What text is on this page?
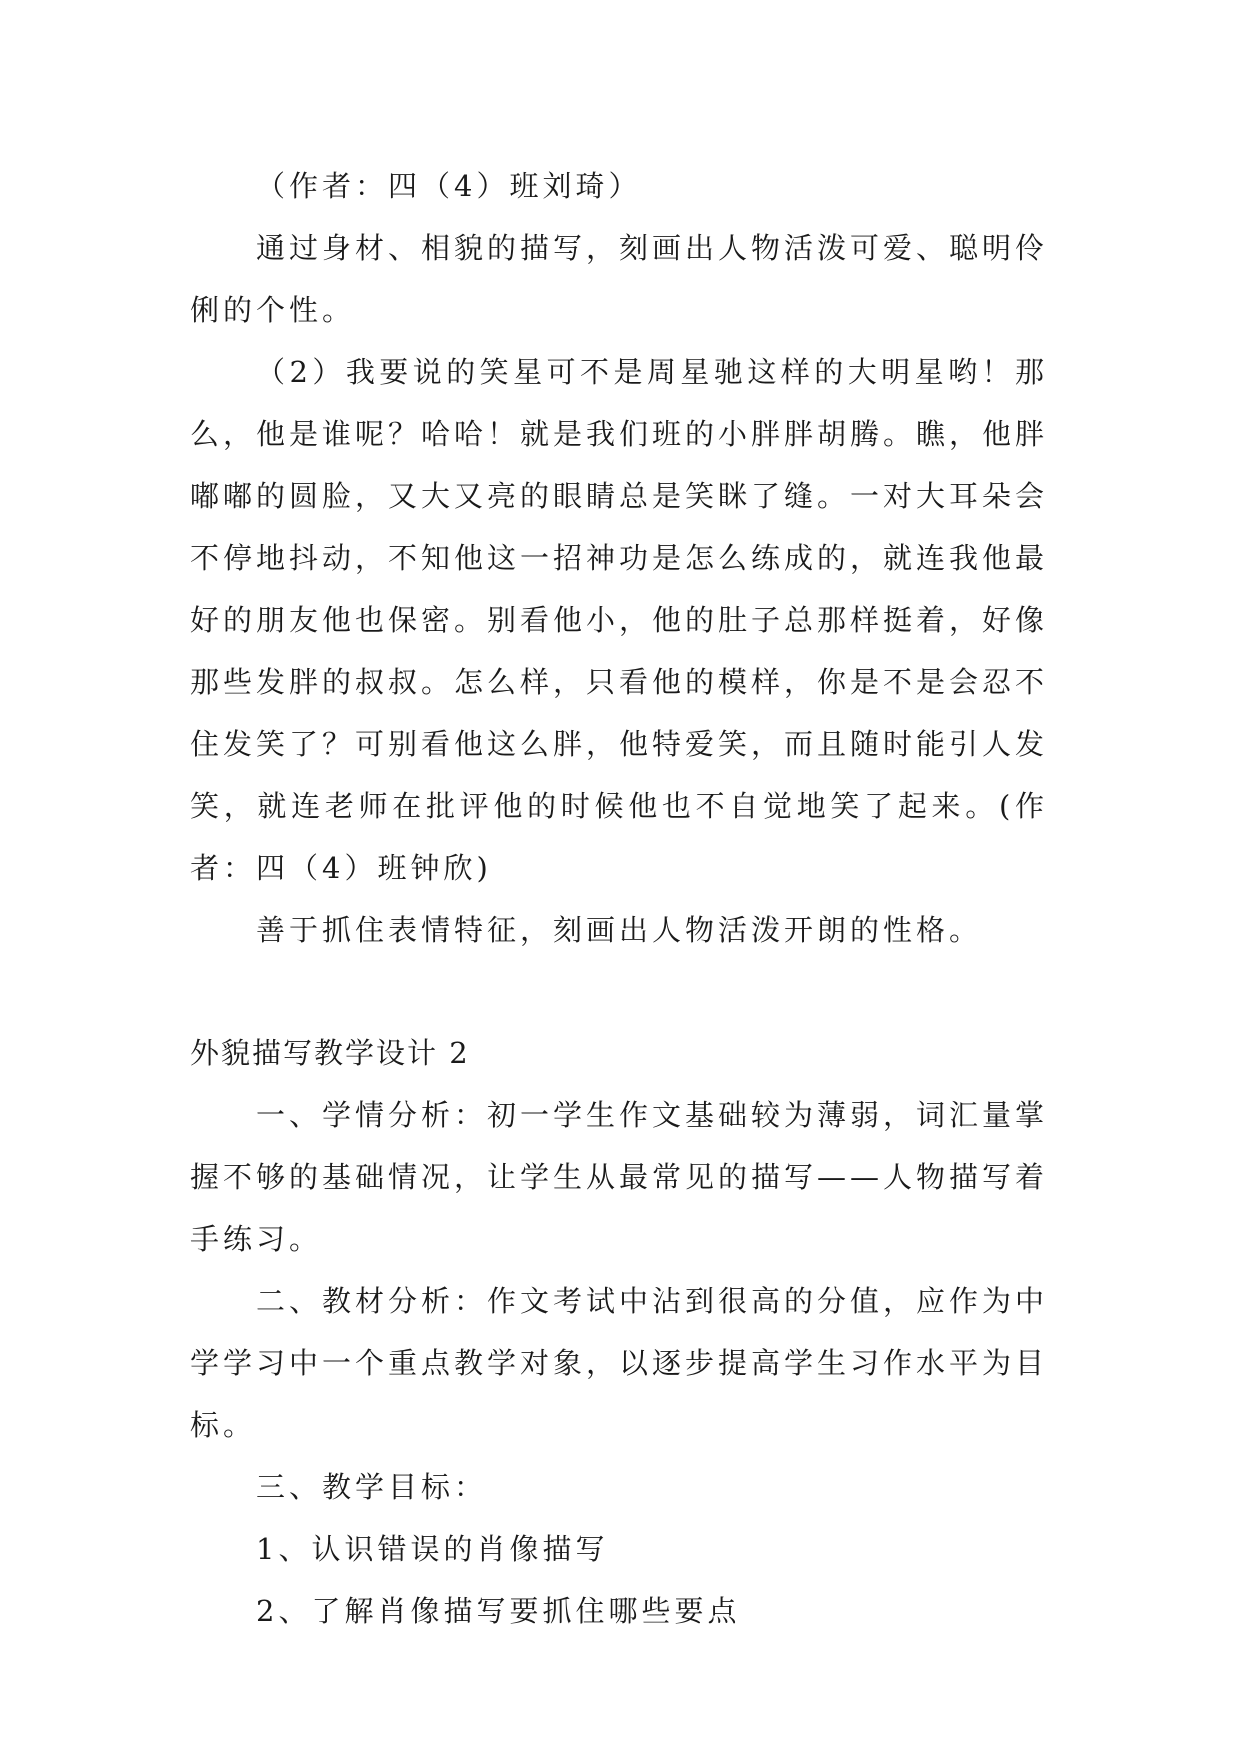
（作者：四（4）班刘琦）

通过身材、相貌的描写，刻画出人物活泼可爱、聪明伶俐的个性。

（2）我要说的笑星可不是周星驰这样的大明星哟！那么，他是谁呢？哈哈！就是我们班的小胖胖胡腾。瞧，他胖嘟嘟的圆脸，又大又亮的眼睛总是笑眯了缝。一对大耳朵会不停地抖动，不知他这一招神功是怎么练成的，就连我他最好的朋友他也保密。别看他小，他的肚子总那样挺着，好像那些发胖的叔叔。怎么样，只看他的模样，你是不是会忍不住发笑了？可别看他这么胖，他特爱笑，而且随时能引人发笑，就连老师在批评他的时候他也不自觉地笑了起来。(作者：四（4）班钟欣)

善于抓住表情特征，刻画出人物活泼开朗的性格。

外貌描写教学设计 2

一、学情分析：初一学生作文基础较为薄弱，词汇量掌握不够的基础情况，让学生从最常见的描写——人物描写着手练习。

二、教材分析：作文考试中沾到很高的分值，应作为中学学习中一个重点教学对象，以逐步提高学生习作水平为目标。

三、教学目标：

1、认识错误的肖像描写

2、了解肖像描写要抓住哪些要点
